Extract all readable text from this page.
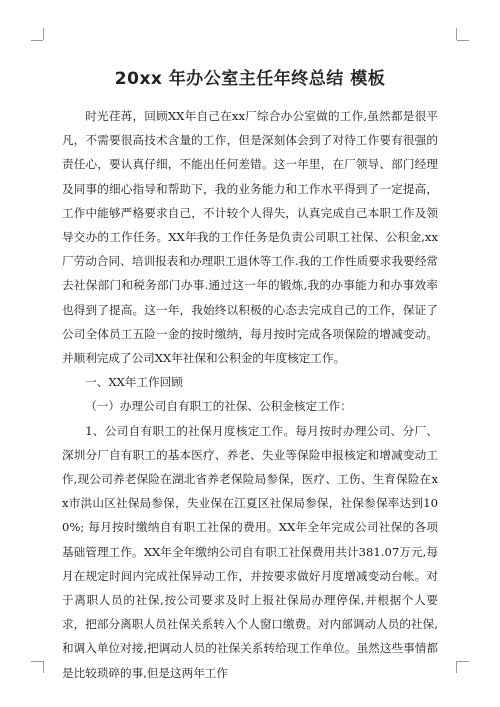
20xx 年办公室主任年终总结 模板

时光荏苒，回顾XX年自己在xx厂综合办公室做的工作,虽然都是很平凡，不需要很高技术含量的工作，但是深刻体会到了对待工作要有很强的责任心，要认真仔细，不能出任何差错。这一年里，在厂领导、部门经理及同事的细心指导和帮助下，我的业务能力和工作水平得到了一定提高，工作中能够严格要求自己，不计较个人得失，认真完成自己本职工作及领导交办的工作任务。XX年我的工作任务是负责公司职工社保、公积金,xx厂劳动合同、培训报表和办理职工退休等工作.我的工作性质要求我要经常去社保部门和税务部门办事.通过这一年的锻炼,我的办事能力和办事效率也得到了提高。这一年，我始终以积极的心态去完成自己的工作，保证了公司全体员工五险一金的按时缴纳，每月按时完成各项保险的增减变动。并顺利完成了公司XX年社保和公积金的年度核定工作。

一、XX年工作回顾

（一）办理公司自有职工的社保、公积金核定工作：

1、公司自有职工的社保月度核定工作。每月按时办理公司、分厂、深圳分厂自有职工的基本医疗、养老、失业等保险申报核定和增减变动工作,现公司养老保险在湖北省养老保险局参保，医疗、工伤、生育保险在xx市洪山区社保局参保，失业保在江夏区社保局参保，社保参保率达到100%; 每月按时缴纳自有职工社保的费用。XX年全年完成公司社保的各项基础管理工作。XX年全年缴纳公司自有职工社保费用共计381.07万元,每月在规定时间内完成社保异动工作，并按要求做好月度增减变动台帐。对于离职人员的社保,按公司要求及时上报社保局办理停保,并根据个人要求，把部分离职人员社保关系转入个人窗口缴费。对内部调动人员的社保,和调入单位对接,把调动人员的社保关系转给现工作单位。虽然这些事情都是比较琐碎的事,但是这两年工作
